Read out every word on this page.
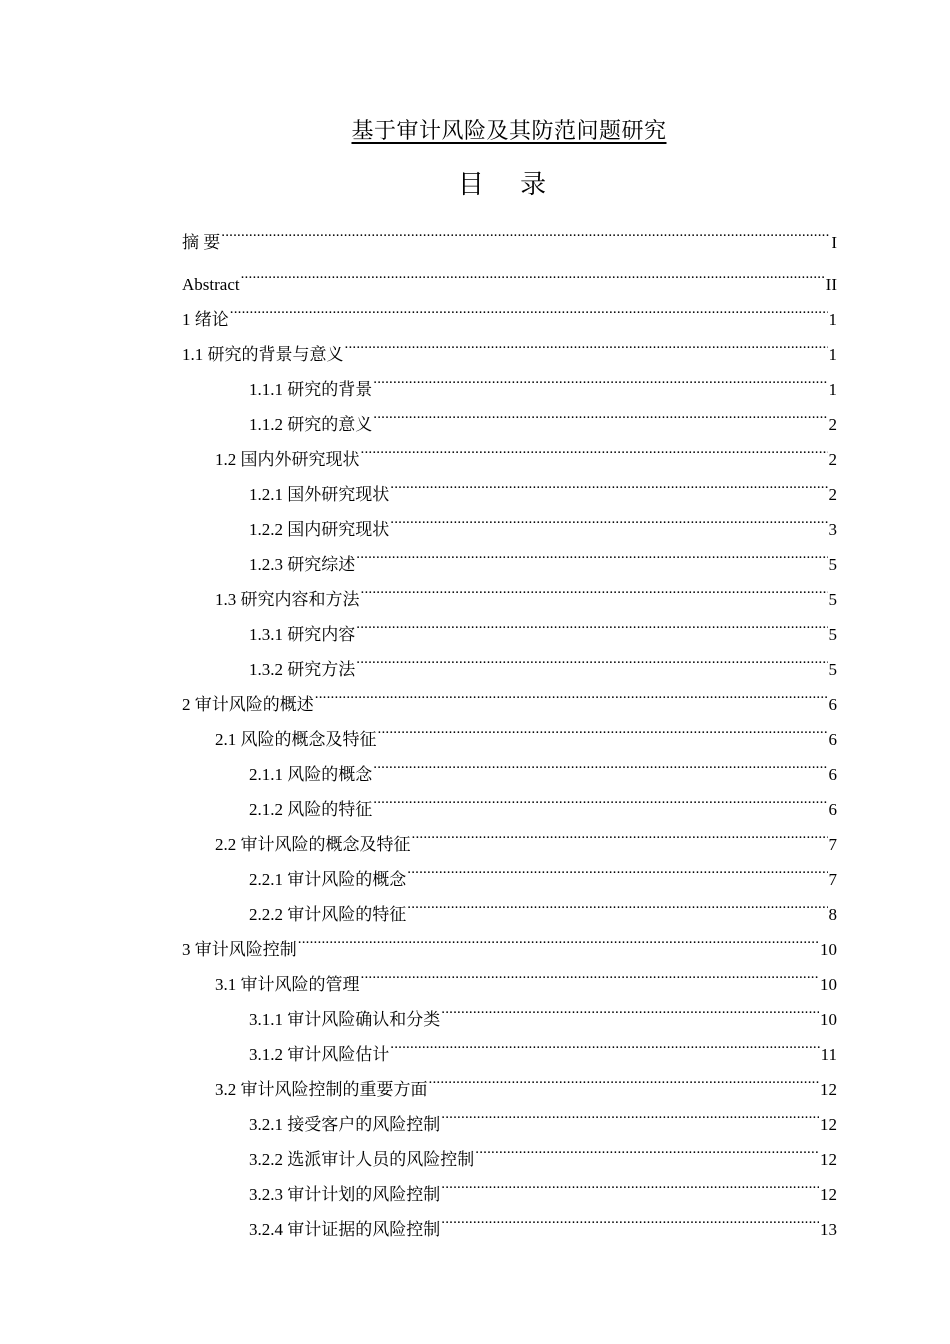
基于审计风险及其防范问题研究
目 录
摘 要 .....	I
Abstract .....	II
1 绪论 .....	1
1.1 研究的背景与意义 .....	1
1.1.1 研究的背景 .....	1
1.1.2 研究的意义 .....	2
1.2 国内外研究现状 .....	2
1.2.1 国外研究现状 .....	2
1.2.2 国内研究现状 .....	3
1.2.3 研究综述 .....	5
1.3 研究内容和方法 .....	5
1.3.1 研究内容 .....	5
1.3.2 研究方法 .....	5
2 审计风险的概述 .....	6
2.1 风险的概念及特征 .....	6
2.1.1 风险的概念 .....	6
2.1.2 风险的特征 .....	6
2.2 审计风险的概念及特征 .....	7
2.2.1 审计风险的概念 .....	7
2.2.2 审计风险的特征 .....	8
3 审计风险控制 .....	10
3.1 审计风险的管理 .....	10
3.1.1 审计风险确认和分类 .....	10
3.1.2 审计风险估计 .....	11
3.2 审计风险控制的重要方面 .....	12
3.2.1 接受客户的风险控制 .....	12
3.2.2 选派审计人员的风险控制 .....	12
3.2.3 审计计划的风险控制 .....	12
3.2.4 审计证据的风险控制 .....	13
